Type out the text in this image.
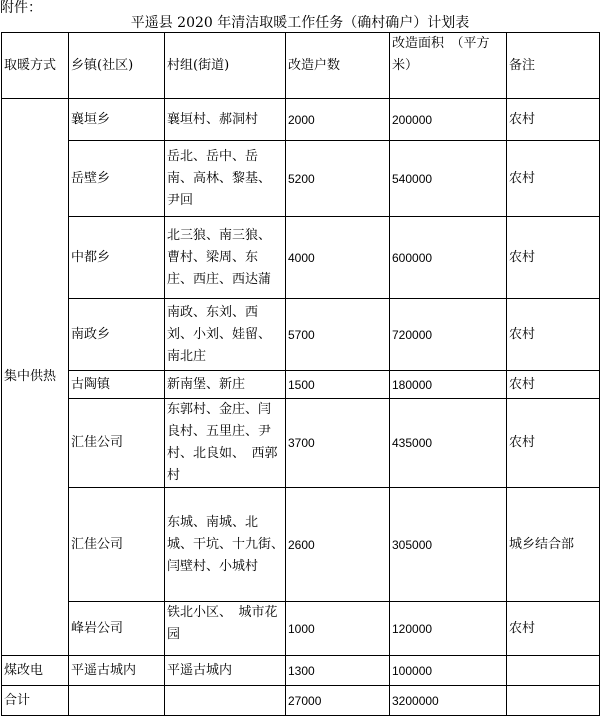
附件：
平遥县 2020 年清洁取暖工作任务（确村确户）计划表
取暖方式	乡镇(社区)	村组(街道)	改造户数	改造面积　（平方米）	备注
集中供热	襄垣乡	襄垣村、郝洞村	2000	200000	农村
	岳壁乡	岳北、岳中、岳南、高林、黎基、尹回	5200	540000	农村
	中都乡	北三狼、南三狼、曹村、梁周、东庄、西庄、西达蒲	4000	600000	农村
	南政乡	南政、东刘、西刘、小刘、娃留、　南北庄	5700	720000	农村
	古陶镇	新南堡、新庄	1500	180000	农村
	汇佳公司	东郭村、金庄、闫良村、五里庄、尹村、北良如、　西郭村	3700	435000	农村
	汇佳公司	东城、南城、北城、干坑、十九街、　闫壁村、小城村	2600	305000	城乡结合部
	峰岩公司	铁北小区、　城市花园	1000	120000	农村
煤改电	平遥古城内	平遥古城内	1300	100000	
合计			27000	3200000	
